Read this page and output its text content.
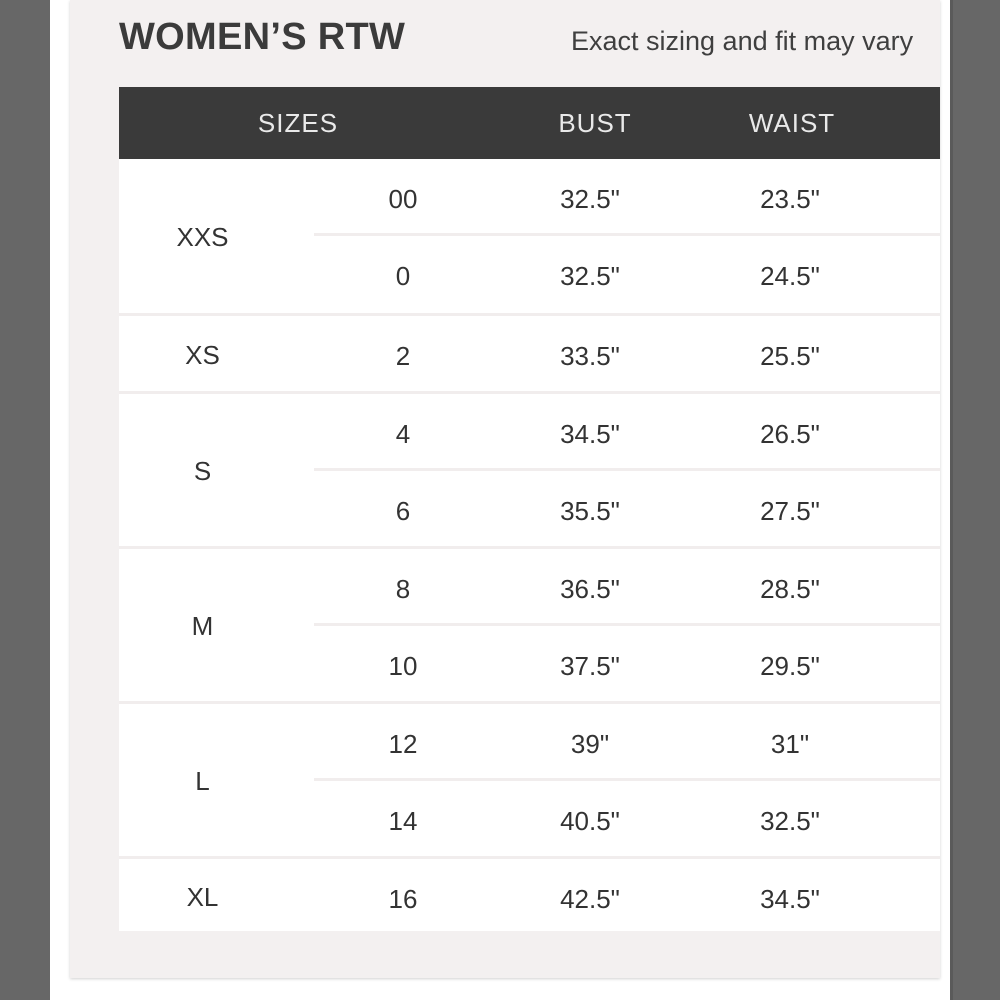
WOMEN’S RTW	Exact sizing and fit may vary
SIZES	BUST	WAIST
XXS
00	32.5"	23.5"
0	32.5"	24.5"
XS	2	33.5"	25.5"
S
4	34.5"	26.5"
6	35.5"	27.5"
M
8	36.5"	28.5"
10	37.5"	29.5"
L
12	39"	31"
14	40.5"	32.5"
XL	16	42.5"	34.5"
